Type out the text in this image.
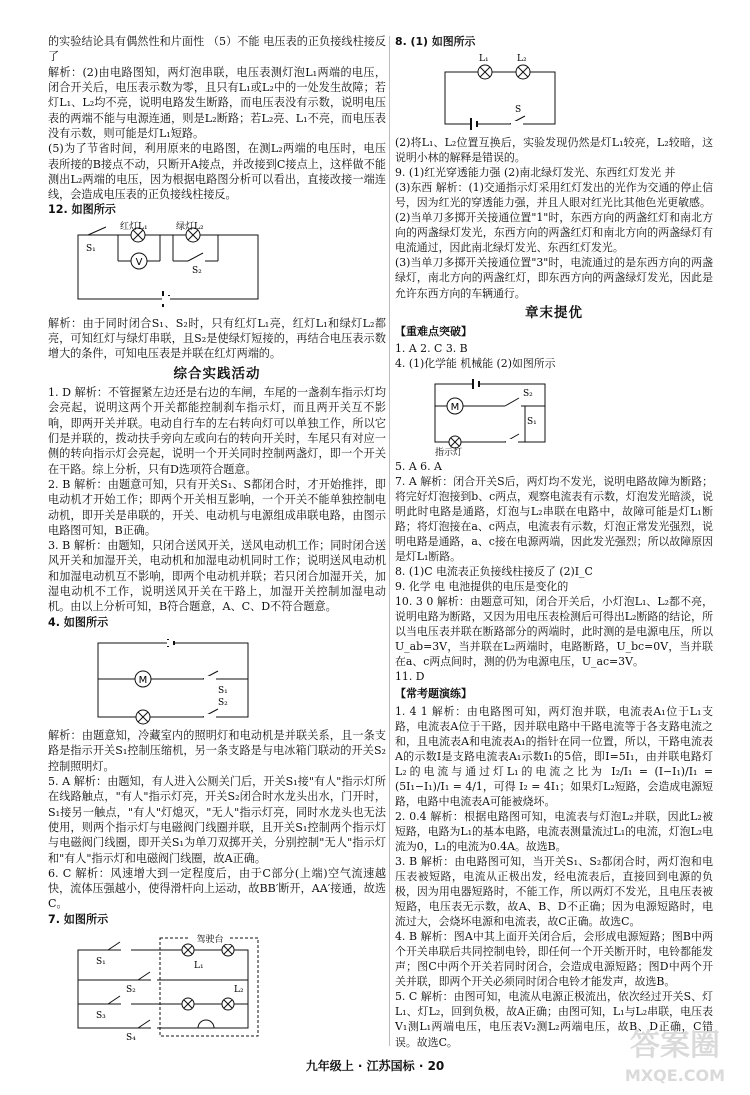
的实验结论具有偶然性和片面性 （5）不能 电压表的正负接线柱接反了

解析：(2)由电路图知，两灯泡串联，电压表测灯泡L₁两端的电压，闭合开关后，电压表示数为零，且只有L₁或L₂中的一处发生故障；若灯L₁、L₂均不亮，说明电路发生断路，而电压表没有示数，说明电压表的两端不能与电源连通，则是L₂断路；若L₂亮、L₁不亮，而电压表没有示数，则可能是灯L₁短路。

(5)为了节省时间，利用原来的电路图，在测L₂两端的电压时，电压表所接的B接点不动，只断开A接点，并改接到C接点上，这样做不能测出L₂两端的电压，因为根据电路图分析可以看出，直接改接一端连线，会造成电压表的正负接线柱接反。

12. 如图所示

V
红灯L₁	绿灯L₂
S₁
S₂

解析：由于同时闭合S₁、S₂时，只有红灯L₁亮，红灯L₁和绿灯L₂都亮，可知红灯与绿灯串联，且S₂是使绿灯短接的，再结合电压表示数增大的条件，可知电压表是并联在红灯两端的。

综合实践活动

1. D 解析：不管握紧左边还是右边的车闸，车尾的一盏刹车指示灯均会亮起，说明这两个开关都能控制刹车指示灯，而且两开关互不影响，即两开关并联。电动自行车的左右转向灯可以单独工作，所以它们是并联的，拨动扶手旁向左或向右的转向开关时，车尾只有对应一侧的转向指示灯会亮起，说明一个开关同时控制两盏灯，即一个开关在干路。综上分析，只有D选项符合题意。

2. B 解析：由题意可知，只有开关S₁、S都闭合时，才开始推拌，即电动机才开始工作；即两个开关相互影响，一个开关不能单独控制电动机，即开关是串联的，开关、电动机与电源组成串联电路，由图示电路图可知，B正确。

3. B 解析：由题知，只闭合送风开关，送风电动机工作；同时闭合送风开关和加湿开关，电动机和加湿电动机同时工作；说明送风电动机和加湿电动机互不影响，即两个电动机并联；若只闭合加湿开关，加湿电动机不工作，说明送风开关在干路上，加湿开关控制加湿电动机。由以上分析可知，B符合题意，A、C、D不符合题意。

4. 如图所示

M
S₁
S₂

解析：由题意知，冷藏室内的照明灯和电动机是并联关系，且一条支路是指示开关S₁控制压缩机，另一条支路是与电冰箱门联动的开关S₂控制照明灯。

5. A 解析：由题知，有人进入公厕关门后，开关S₁接"有人"指示灯所在线路触点，"有人"指示灯亮，开关S₂闭合时水龙头出水，门开时，S₁接另一触点，"有人"灯熄灭，"无人"指示灯亮，同时水龙头也无法使用，则两个指示灯与电磁阀门线圈并联，且开关S₁控制两个指示灯与电磁阀门线圈，即开关S₁为单刀双掷开关，分别控制"无人"指示灯和"有人"指示灯和电磁阀门线圈，故A正确。

6. C 解析：风速增大到一定程度后，由于C部分(上端)空气流速越快，流体压强越小，使得滑杆向上运动，故BB′断开，AA′接通，故选C。

7. 如图所示

驾驶台
L₁
L₂
S₁
S₂
S₃
S₄

8. (1) 如图所示

L₁	L₂
S

(2)将L₁、L₂位置互换后，实验发现仍然是灯L₁较亮，L₂较暗，这说明小林的解释是错误的。

9. (1)红光穿透能力强 (2)南北绿灯发光、东西红灯发光 并

(3)东西 解析：(1)交通指示灯采用红灯发出的光作为交通的停止信号，因为红光的穿透能力强，并且人眼对红光比其他色光更敏感。

(2)当单刀多掷开关接通位置"1"时，东西方向的两盏红灯和南北方向的两盏绿灯发光，东西方向的两盏红灯和南北方向的两盏绿灯有电流通过，因此南北绿灯发光、东西红灯发光。

(3)当单刀多掷开关接通位置"3"时，电流通过的是东西方向的两盏绿灯，南北方向的两盏红灯，即东西方向的两盏绿灯发光，因此是允许东西方向的车辆通行。

章末提优
【重难点突破】

1. A 2. C 3. B

4. (1)化学能 机械能 (2)如图所示

M
S₁
S₂
指示灯

5. A 6. A

7. A 解析：闭合开关S后，两灯均不发光，说明电路故障为断路；将完好灯泡接到b、c两点，观察电流表有示数，灯泡发光暗淡，说明此时电路是通路，灯泡与L₂串联在电路中，故障可能是灯L₁断路；将灯泡接在a、c两点，电流表有示数，灯泡正常发光强烈，说明电路是通路，a、c接在电源两端，因此发光强烈；所以故障原因是灯L₁断路。

8. (1)C 电流表正负接线柱接反了 (2)I_C

9. 化学 电 电池提供的电压是变化的

10. 3 0 解析：由题意可知，闭合开关后，小灯泡L₁、L₂都不亮，说明电路为断路，又因为用电压表检测后可得出L₂断路的结论，所以当电压表并联在断路部分的两端时，此时测的是电源电压，所以U_ab=3V，当并联在L₂两端时，电路断路，U_bc=0V，当并联在a、c两点间时，测的仍为电源电压，U_ac=3V。

11. D

【常考题演练】

1. 4 1 解析：由电路图可知，两灯泡并联，电流表A₁位于L₁支路，电流表A位于干路，因并联电路中干路电流等于各支路电流之和，且电流表A和电流表A₁的指针在同一位置，所以，干路电流表A的示数I是支路电流表A₁示数I₁的5倍，即I=5I₁，由并联电路灯L₂的电流与通过灯L₁的电流之比为 I₂/I₁ = (I−I₁)/I₁ = (5I₁−I₁)/I₁ = 4/1，可得 I₂ = 4I₁；如果灯L₂短路，会造成电源短路，电路中电流表A可能被烧坏。

2. 0.4 解析：根据电路图可知，电流表与灯泡L₂并联，因此L₂被短路，电路为L₁的基本电路，电流表测量流过L₁的电流，灯泡L₂电流为0，L₁的电流为0.4A。故选B。

3. B 解析：由电路图可知，当开关S₁、S₂都闭合时，两灯泡和电压表被短路，电流从正极出发，经电流表后，直接回到电源的负极，因为用电器短路时，不能工作，所以两灯不发光，且电压表被短路，电压表无示数，故A、B、D不正确；因为电源短路时，电流过大，会烧坏电源和电流表，故C正确。故选C。

4. B 解析：图A中其上面开关闭合后，会形成电源短路；图B中两个开关串联后共同控制电铃，即任何一个开关断开时，电铃都能发声；图C中两个开关若同时闭合，会造成电源短路；图D中两个开关并联，即两个开关必须同时闭合电铃才能发声，故选B。

5. C 解析：由图可知，电流从电源正极流出，依次经过开关S、灯L₁、灯L₂，回到负极，故A正确；由图可知，L₁与L₂串联，电压表V₁测L₁两端电压，电压表V₂测L₂两端电压，故B、D正确，C错误。故选C。

九年级上 · 江苏国标 · 20
答案圈
MXQE.COM
